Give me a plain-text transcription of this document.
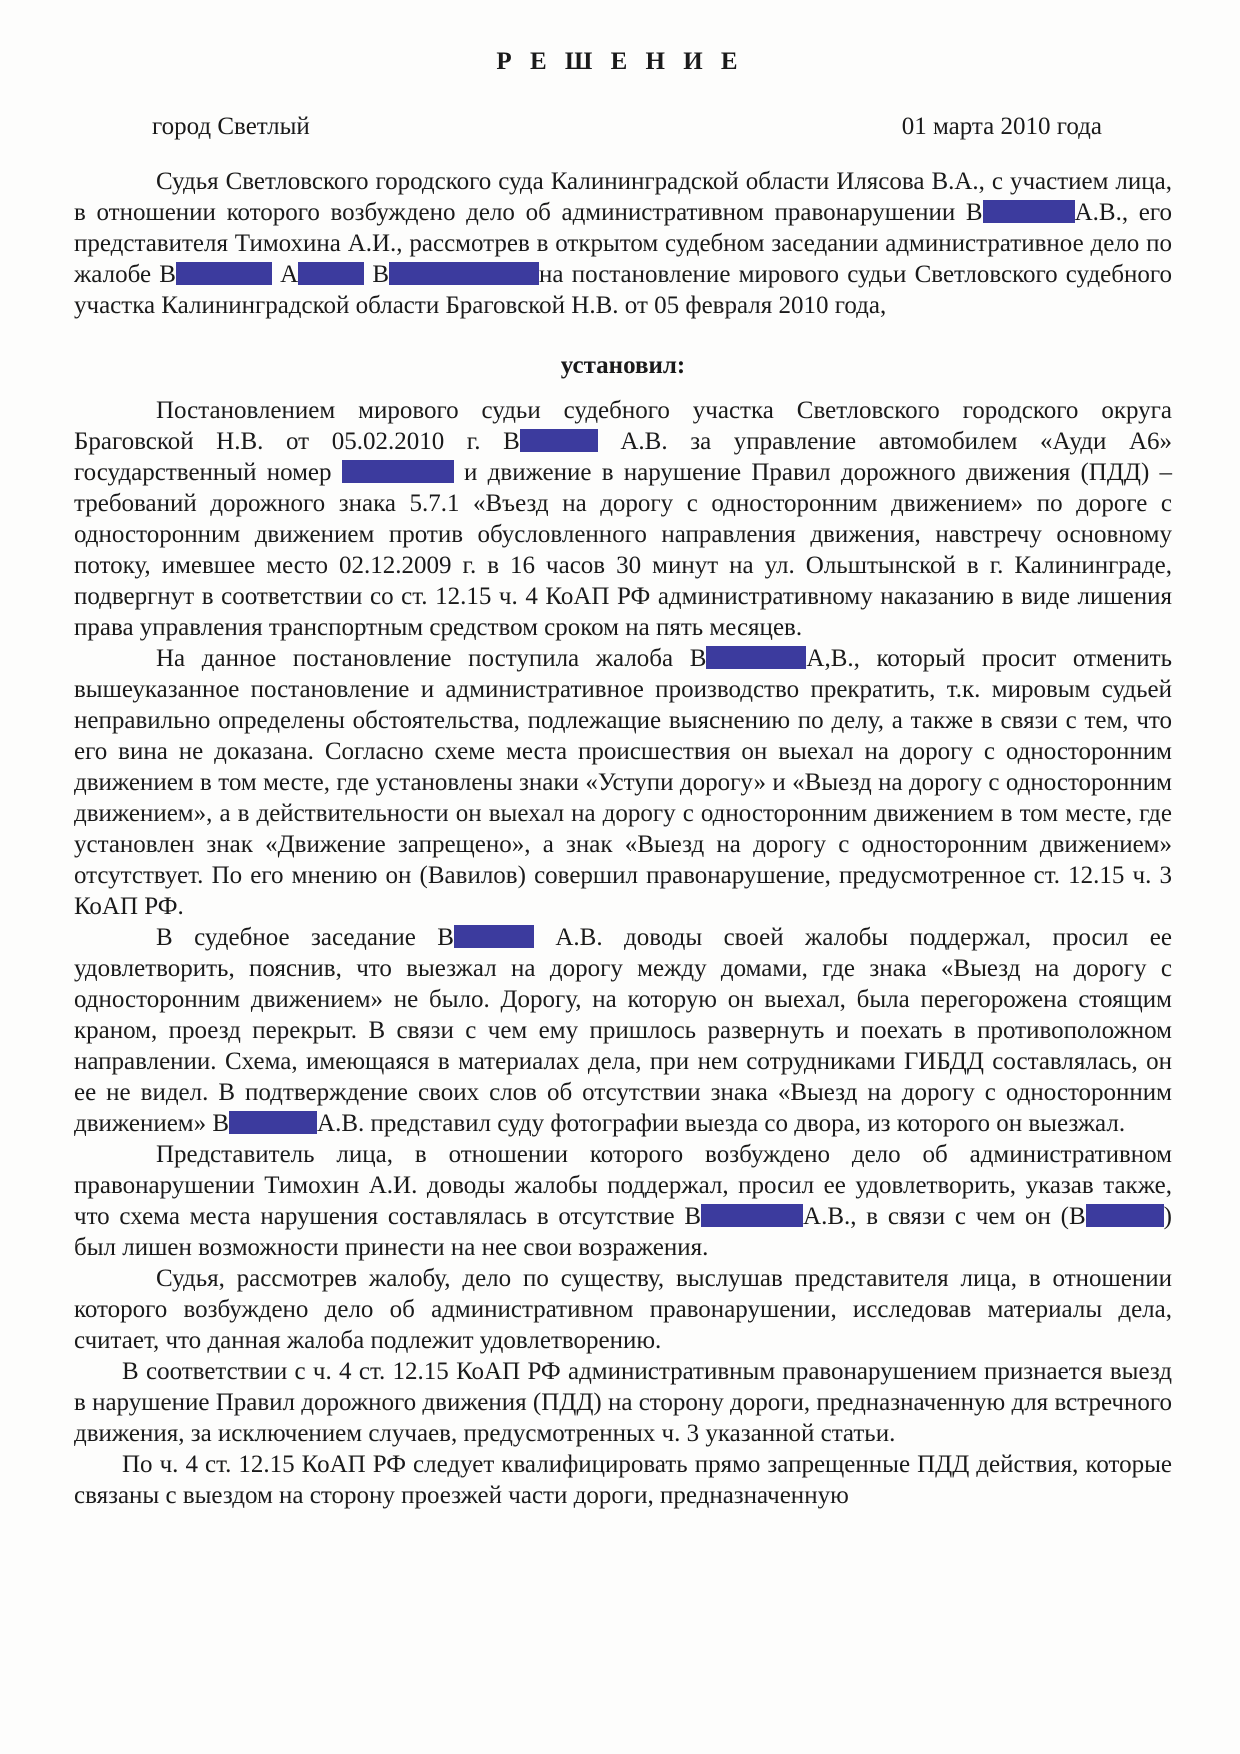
Р Е Ш Е Н И Е
город Светлый	01 марта 2010 года

Судья Светловского городского суда Калининградской области Илясова В.А., с участием лица, в отношении которого возбуждено дело об административном правонарушении В	А.В., его представителя Тимохина А.И., рассмотрев в открытом судебном заседании административное дело по жалобе В	А	В	на постановление мирового судьи Светловского судебного участка Калининградской области Браговской Н.В. от 05 февраля 2010 года,

установил:

Постановлением мирового судьи судебного участка Светловского городского округа Браговской Н.В. от 05.02.2010 г. В	А.В. за управление автомобилем «Ауди А6» государственный номер	и движение в нарушение Правил дорожного движения (ПДД) – требований дорожного знака 5.7.1 «Въезд на дорогу с односторонним движением» по дороге с односторонним движением против обусловленного направления движения, навстречу основному потоку, имевшее место 02.12.2009 г. в 16 часов 30 минут на ул. Ольштынской в г. Калининграде, подвергнут в соответствии со ст. 12.15 ч. 4 КоАП РФ административному наказанию в виде лишения права управления транспортным средством сроком на пять месяцев.

На данное постановление поступила жалоба В	А,В., который просит отменить вышеуказанное постановление и административное производство прекратить, т.к. мировым судьей неправильно определены обстоятельства, подлежащие выяснению по делу, а также в связи с тем, что его вина не доказана. Согласно схеме места происшествия он выехал на дорогу с односторонним движением в том месте, где установлены знаки «Уступи дорогу» и «Выезд на дорогу с односторонним движением», а в действительности он выехал на дорогу с односторонним движением в том месте, где установлен знак «Движение запрещено», а знак «Выезд на дорогу с односторонним движением» отсутствует. По его мнению он (Вавилов) совершил правонарушение, предусмотренное ст. 12.15 ч. 3 КоАП РФ.

В судебное заседание В	А.В. доводы своей жалобы поддержал, просил ее удовлетворить, пояснив, что выезжал на дорогу между домами, где знака «Выезд на дорогу с односторонним движением» не было. Дорогу, на которую он выехал, была перегорожена стоящим краном, проезд перекрыт. В связи с чем ему пришлось развернуть и поехать в противоположном направлении. Схема, имеющаяся в материалах дела, при нем сотрудниками ГИБДД составлялась, он ее не видел. В подтверждение своих слов об отсутствии знака «Выезд на дорогу с односторонним движением» В	А.В. представил суду фотографии выезда со двора, из которого он выезжал.

Представитель лица, в отношении которого возбуждено дело об административном правонарушении Тимохин А.И. доводы жалобы поддержал, просил ее удовлетворить, указав также, что схема места нарушения составлялась в отсутствие В	А.В., в связи с чем он (В	) был лишен возможности принести на нее свои возражения.

Судья, рассмотрев жалобу, дело по существу, выслушав представителя лица, в отношении которого возбуждено дело об административном правонарушении, исследовав материалы дела, считает, что данная жалоба подлежит удовлетворению.

В соответствии с ч. 4 ст. 12.15 КоАП РФ административным правонарушением признается выезд в нарушение Правил дорожного движения (ПДД) на сторону дороги, предназначенную для встречного движения, за исключением случаев, предусмотренных ч. 3 указанной статьи.

По ч. 4 ст. 12.15 КоАП РФ следует квалифицировать прямо запрещенные ПДД действия, которые связаны с выездом на сторону проезжей части дороги, предназначенную
